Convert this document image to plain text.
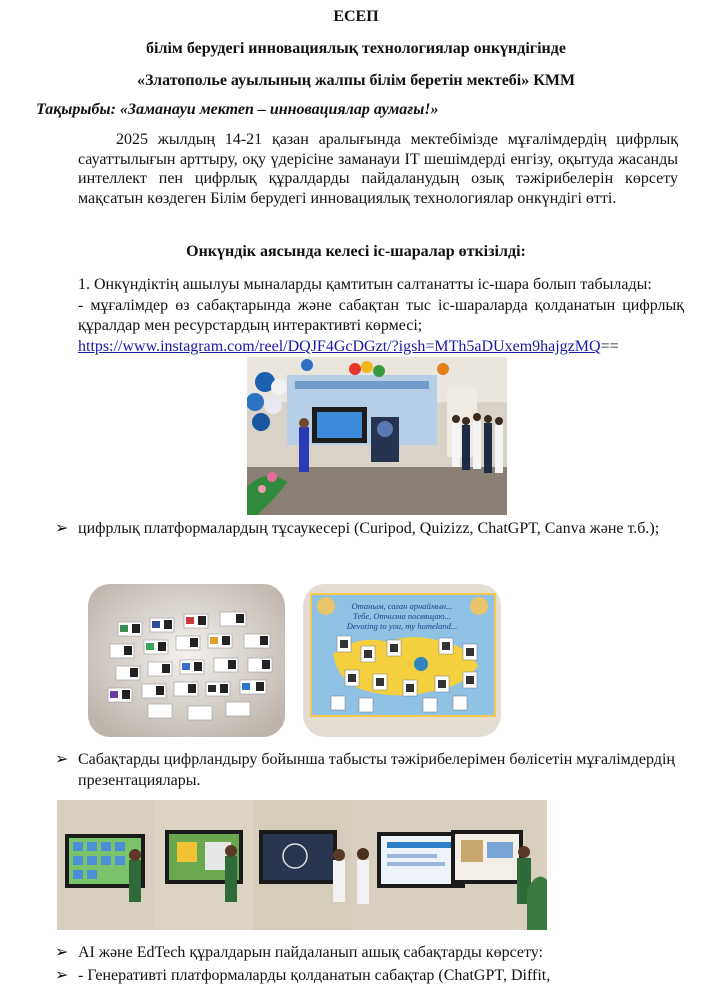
ЕСЕП
білім берудегі инновациялық технологиялар онкүндігінде
«Златополье ауылының жалпы білім беретін мектебі» КММ
Тақырыбы: «Заманауи мектеп – инновациялар аумағы!»
2025 жылдың 14-21 қазан аралығында мектебімізде мұғалімдердің цифрлық сауаттылығын арттыру, оқу үдерісіне заманауи IT шешімдерді енгізу, оқытуда жасанды интеллект пен цифрлық құралдарды пайдаланудың озық тәжірибелерін көрсету мақсатын көздеген Білім берудегі инновациялық технологиялар онкүндігі өтті.
Онкүндік аясында келесі іс-шаралар өткізілді:
1. Онкүндіктің ашылуы мыналарды қамтитын салтанатты іс-шара болып табылады:
- мұғалімдер өз сабақтарында және сабақтан тыс іс-шараларда қолданатын цифрлық құралдар мен ресурстардың интерактивті көрмесі;
https://www.instagram.com/reel/DQJF4GcDGzt/?igsh=MTh5aDUxem9hajgzMQ==
➢ цифрлық платформалардың тұсаукесері (Curipod, Quizizz, ChatGPT, Canva және т.б.);
Отаным, саған арнаймын...
Тебе, Отчизна посвящаю...
Devoting to you, my homeland...
➢ Сабақтарды цифрландыру бойынша табысты тәжірибелерімен бөлісетін мұғалімдердің презентациялары.
➢ AI және EdTech құралдарын пайдаланып ашық сабақтарды көрсету:
➢ - Генеративті платформаларды қолданатын сабақтар (ChatGPT, Diffit,
